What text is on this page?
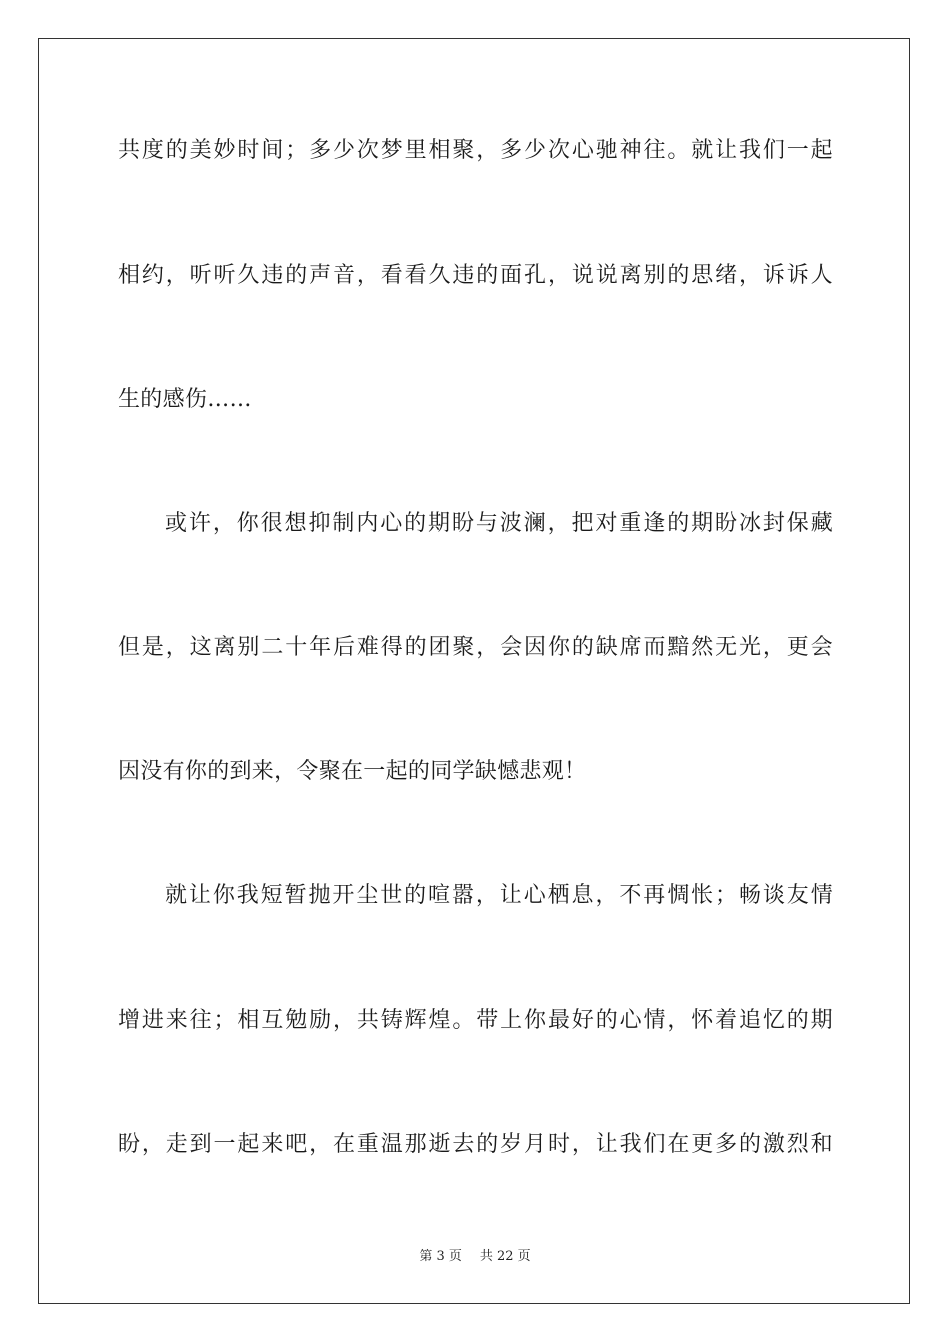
共度的美妙时间；多少次梦里相聚，多少次心驰神往。就让我们一起
相约，听听久违的声音，看看久违的面孔，说说离别的思绪，诉诉人
生的感伤……
或许，你很想抑制内心的期盼与波澜，把对重逢的期盼冰封保藏
但是，这离别二十年后难得的团聚，会因你的缺席而黯然无光，更会
因没有你的到来，令聚在一起的同学缺憾悲观！
就让你我短暂抛开尘世的喧嚣，让心栖息，不再惆怅；畅谈友情
增进来往；相互勉励，共铸辉煌。带上你最好的心情，怀着追忆的期
盼，走到一起来吧，在重温那逝去的岁月时，让我们在更多的激烈和
第 3 页 共 22 页
